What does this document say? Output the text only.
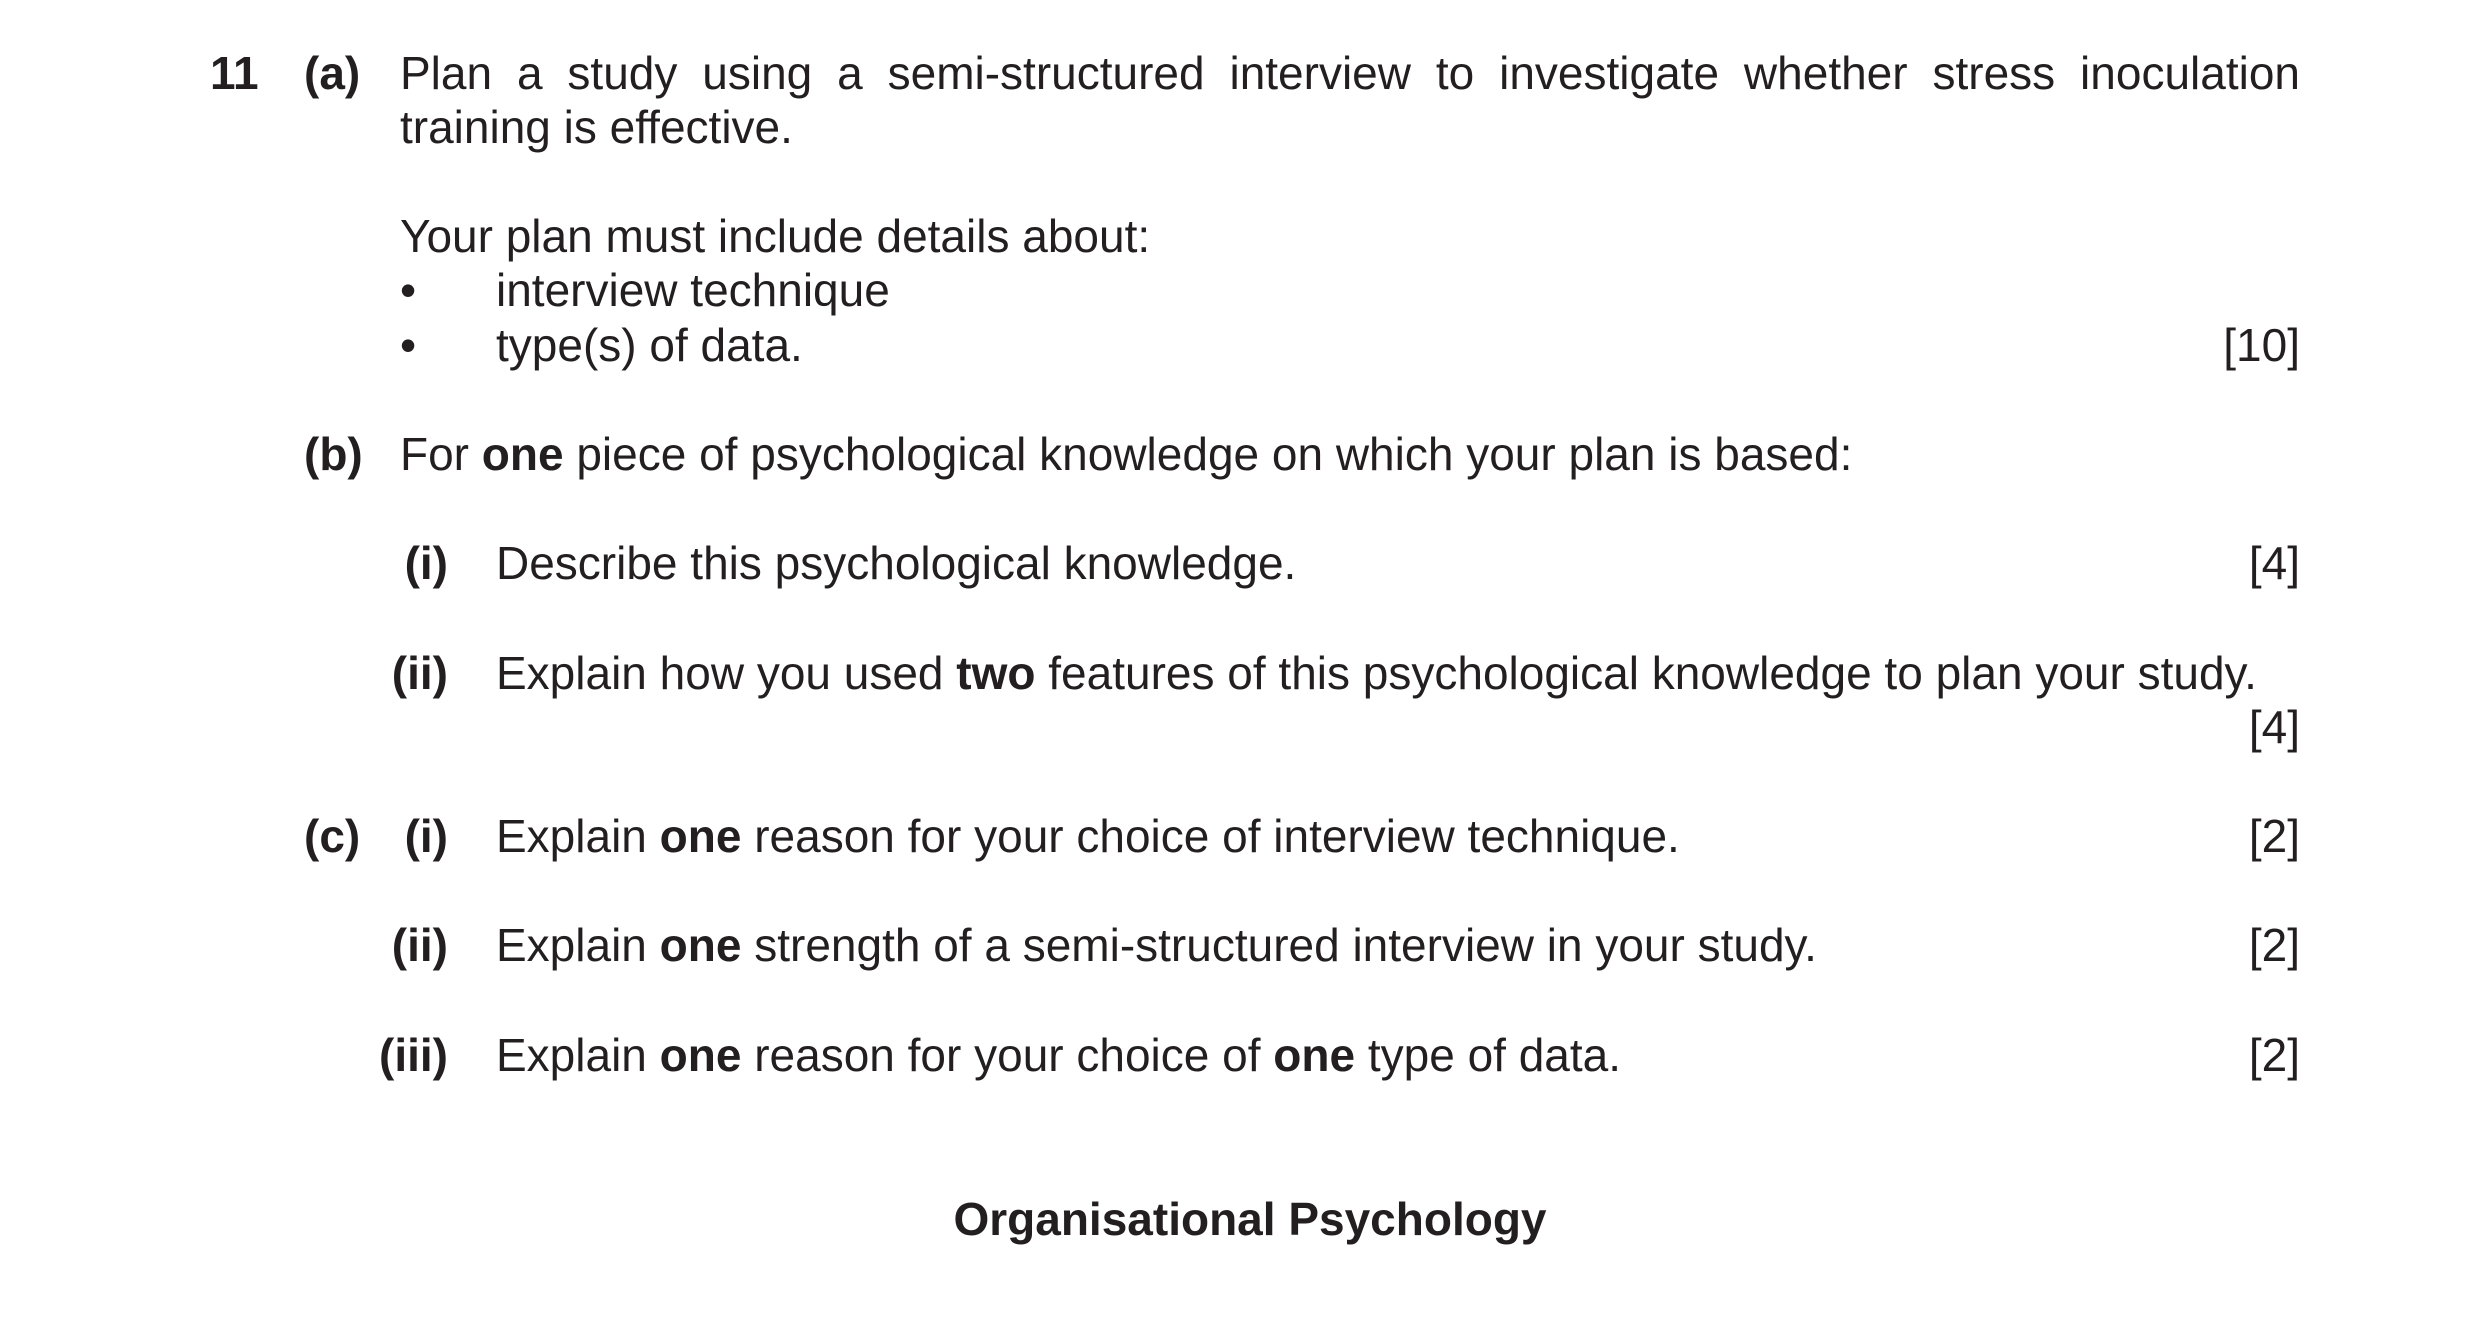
11 (a) Plan a study using a semi-structured interview to investigate whether stress inoculation
training is effective.
Your plan must include details about:
• interview technique
• type(s) of data.	[10]
(b) For one piece of psychological knowledge on which your plan is based:
(i) Describe this psychological knowledge.	[4]
(ii) Explain how you used two features of this psychological knowledge to plan your study.
[4]
(c) (i) Explain one reason for your choice of interview technique.	[2]
(ii) Explain one strength of a semi-structured interview in your study.	[2]
(iii) Explain one reason for your choice of one type of data.	[2]
Organisational Psychology
